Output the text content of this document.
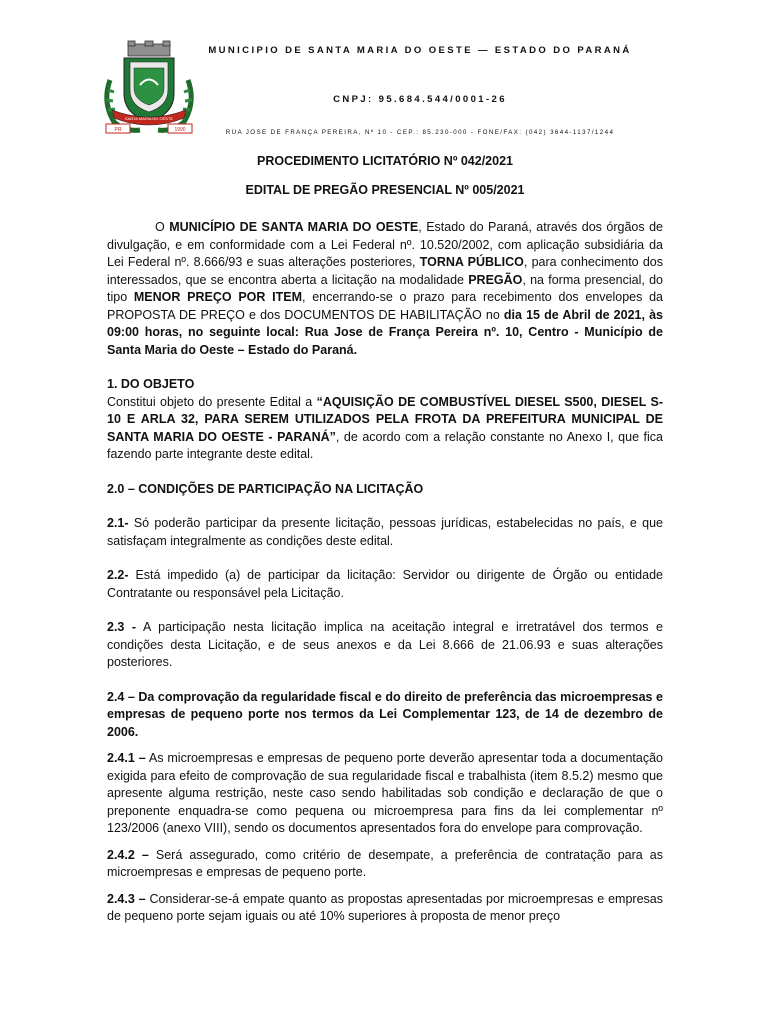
SANTA MARIA DO OESTE
PR	1990
MUNICIPIO DE SANTA MARIA DO OESTE — ESTADO DO PARANÁ
CNPJ: 95.684.544/0001-26
RUA JOSE DE FRANÇA PEREIRA, Nº 10 - CEP.: 85.230-000 - FONE/FAX: (042) 3644-1137/1244
PROCEDIMENTO LICITATÓRIO Nº 042/2021
EDITAL DE PREGÃO PRESENCIAL Nº 005/2021

O MUNICÍPIO DE SANTA MARIA DO OESTE, Estado do Paraná, através dos órgãos de divulgação, e em conformidade com a Lei Federal nº. 10.520/2002, com aplicação subsidiária da Lei Federal nº. 8.666/93 e suas alterações posteriores, TORNA PÚBLICO, para conhecimento dos interessados, que se encontra aberta a licitação na modalidade PREGÃO, na forma presencial, do tipo MENOR PREÇO POR ITEM, encerrando-se o prazo para recebimento dos envelopes da PROPOSTA DE PREÇO e dos DOCUMENTOS DE HABILITAÇÃO no dia 15 de Abril de 2021, às 09:00 horas, no seguinte local: Rua Jose de França Pereira nº. 10, Centro - Município de Santa Maria do Oeste – Estado do Paraná.

1. DO OBJETO

Constitui objeto do presente Edital a “AQUISIÇÃO DE COMBUSTÍVEL DIESEL S500, DIESEL S-10 E ARLA 32, PARA SEREM UTILIZADOS PELA FROTA DA PREFEITURA MUNICIPAL DE SANTA MARIA DO OESTE - PARANÁ”, de acordo com a relação constante no Anexo I, que fica fazendo parte integrante deste edital.

2.0 – CONDIÇÕES DE PARTICIPAÇÃO NA LICITAÇÃO

2.1- Só poderão participar da presente licitação, pessoas jurídicas, estabelecidas no país, e que satisfaçam integralmente as condições deste edital.

2.2- Está impedido (a) de participar da licitação: Servidor ou dirigente de Órgão ou entidade Contratante ou responsável pela Licitação.

2.3 - A participação nesta licitação implica na aceitação integral e irretratável dos termos e condições desta Licitação, e de seus anexos e da Lei 8.666 de 21.06.93 e suas alterações posteriores.

2.4 – Da comprovação da regularidade fiscal e do direito de preferência das microempresas e empresas de pequeno porte nos termos da Lei Complementar 123, de 14 de dezembro de 2006.

2.4.1 – As microempresas e empresas de pequeno porte deverão apresentar toda a documentação exigida para efeito de comprovação de sua regularidade fiscal e trabalhista (item 8.5.2) mesmo que apresente alguma restrição, neste caso sendo habilitadas sob condição e declaração de que o preponente enquadra-se como pequena ou microempresa para fins da lei complementar nº 123/2006 (anexo VIII), sendo os documentos apresentados fora do envelope para comprovação.

2.4.2 – Será assegurado, como critério de desempate, a preferência de contratação para as microempresas e empresas de pequeno porte.

2.4.3 – Considerar-se-á empate quanto as propostas apresentadas por microempresas e empresas de pequeno porte sejam iguais ou até 10% superiores à proposta de menor preço
